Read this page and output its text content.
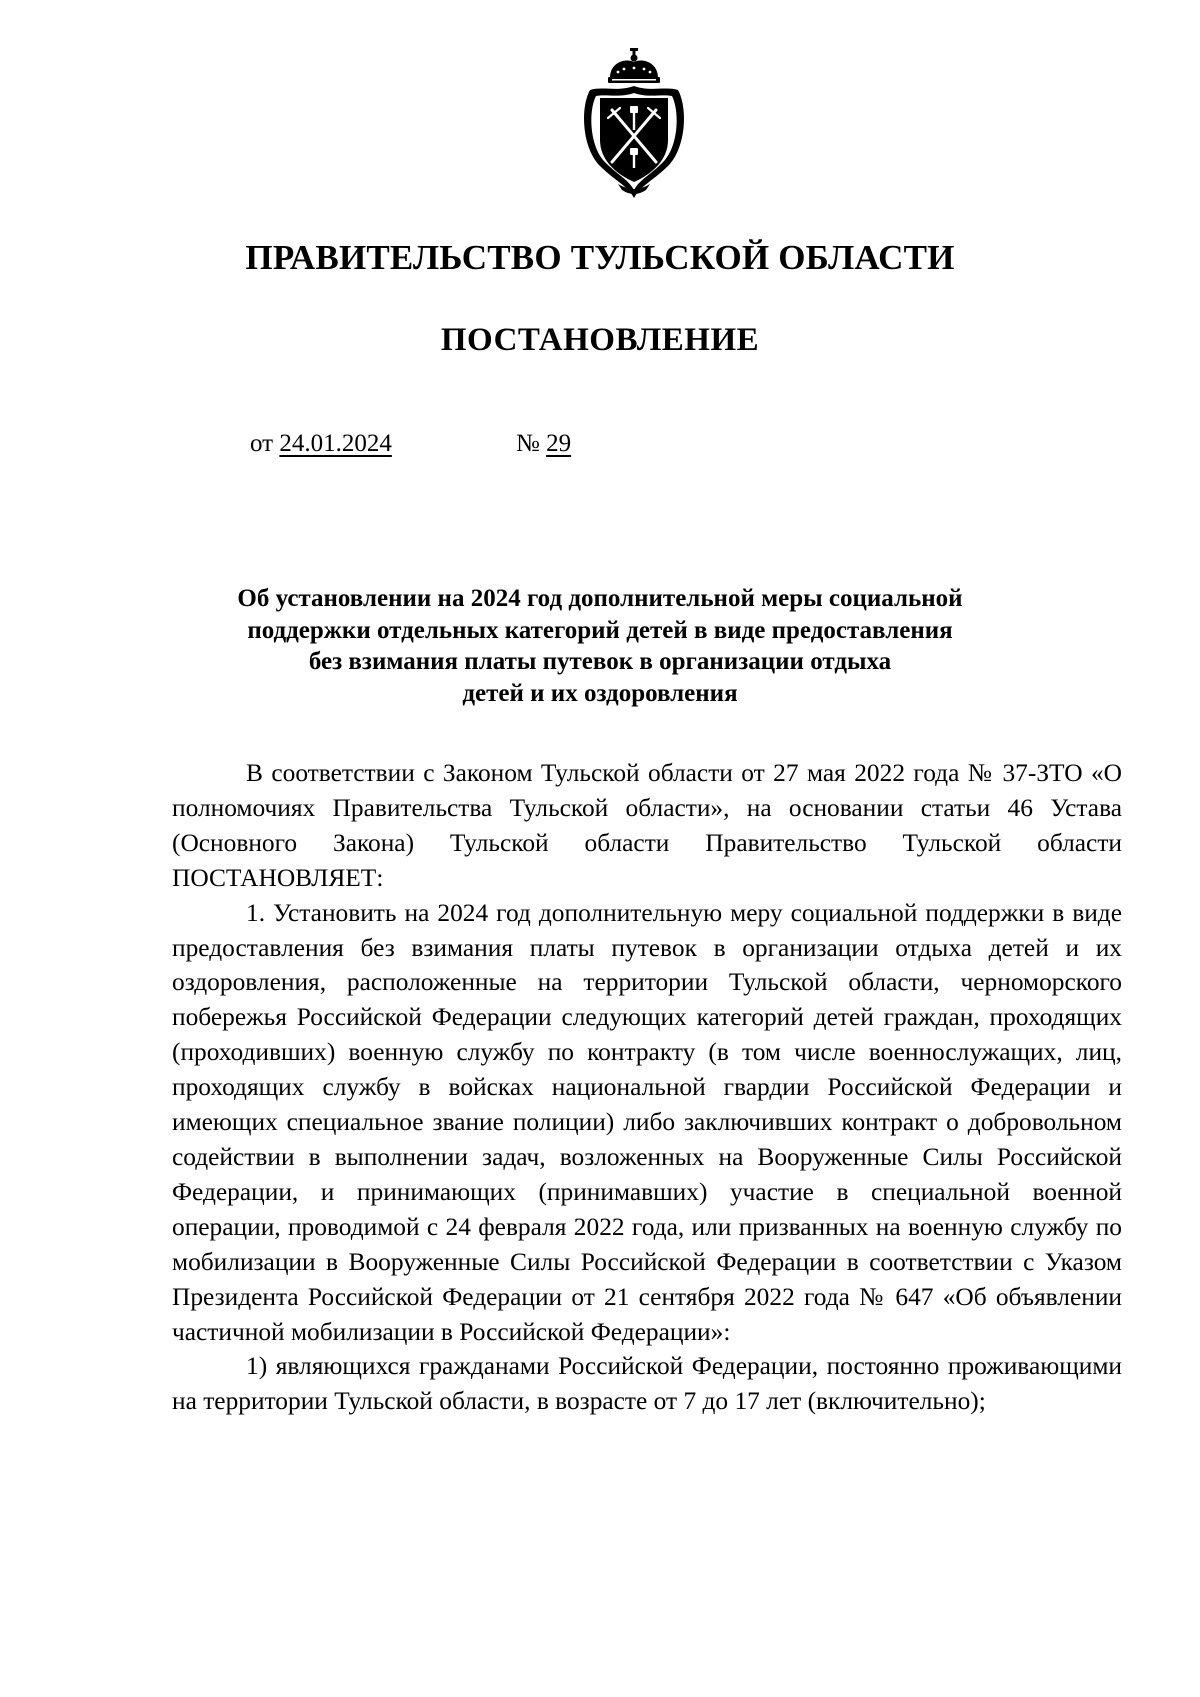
ПРАВИТЕЛЬСТВО ТУЛЬСКОЙ ОБЛАСТИ
ПОСТАНОВЛЕНИЕ
от 24.01.2024	№ 29
Об установлении на 2024 год дополнительной меры социальной
поддержки отдельных категорий детей в виде предоставления
без взимания платы путевок в организации отдыха
детей и их оздоровления

В соответствии с Законом Тульской области от 27 мая 2022 года № 37-ЗТО «О полномочиях Правительства Тульской области», на основании статьи 46 Устава (Основного Закона) Тульской области Правительство Тульской области ПОСТАНОВЛЯЕТ:

1. Установить на 2024 год дополнительную меру социальной поддержки в виде предоставления без взимания платы путевок в организации отдыха детей и их оздоровления, расположенные на территории Тульской области, черноморского побережья Российской Федерации следующих категорий детей граждан, проходящих (проходивших) военную службу по контракту (в том числе военнослужащих, лиц, проходящих службу в войсках национальной гвардии Российской Федерации и имеющих специальное звание полиции) либо заключивших контракт о добровольном содействии в выполнении задач, возложенных на Вооруженные Силы Российской Федерации, и принимающих (принимавших) участие в специальной военной операции, проводимой с 24 февраля 2022 года, или призванных на военную службу по мобилизации в Вооруженные Силы Российской Федерации в соответствии с Указом Президента Российской Федерации от 21 сентября 2022 года № 647 «Об объявлении частичной мобилизации в Российской Федерации»:

1) являющихся гражданами Российской Федерации, постоянно проживающими на территории Тульской области, в возрасте от 7 до 17 лет (включительно);
